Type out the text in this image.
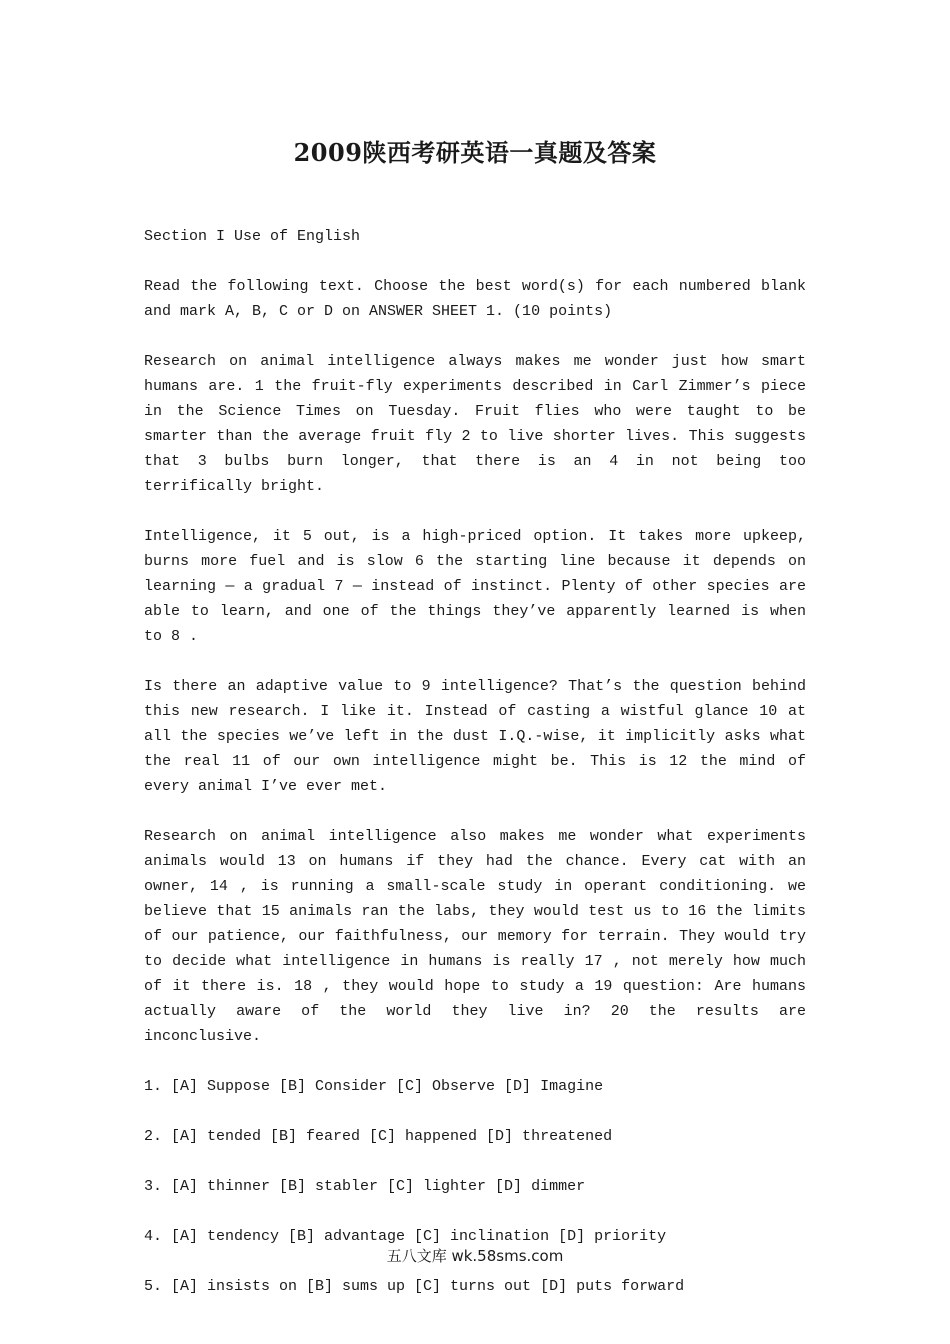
2009陕西考研英语一真题及答案

Section I Use of English

Read the following text. Choose the best word(s) for each numbered blank and mark A, B, C or D on ANSWER SHEET 1. (10 points)

Research on animal intelligence always makes me wonder just how smart humans are. 1 the fruit-fly experiments described in Carl Zimmer’s piece in the Science Times on Tuesday. Fruit flies who were taught to be smarter than the average fruit fly 2 to live shorter lives. This suggests that 3 bulbs burn longer, that there is an 4 in not being too terrifically bright.

Intelligence, it 5 out, is a high-priced option. It takes more upkeep, burns more fuel and is slow 6 the starting line because it depends on learning — a gradual 7 — instead of instinct. Plenty of other species are able to learn, and one of the things they’ve apparently learned is when to 8 .

Is there an adaptive value to 9 intelligence? That’s the question behind this new research. I like it. Instead of casting a wistful glance 10 at all the species we’ve left in the dust I.Q.-wise, it implicitly asks what the real 11 of our own intelligence might be. This is 12 the mind of every animal I’ve ever met.

Research on animal intelligence also makes me wonder what experiments animals would 13 on humans if they had the chance. Every cat with an owner, 14 , is running a small-scale study in operant conditioning. we believe that 15 animals ran the labs, they would test us to 16 the limits of our patience, our faithfulness, our memory for terrain. They would try to decide what intelligence in humans is really 17 , not merely how much of it there is. 18 , they would hope to study a 19 question: Are humans actually aware of the world they live in? 20 the results are inconclusive.

1. [A] Suppose [B] Consider [C] Observe [D] Imagine

2. [A] tended [B] feared [C] happened [D] threatened

3. [A] thinner [B] stabler [C] lighter [D] dimmer

4. [A] tendency [B] advantage [C] inclination [D] priority

5. [A] insists on [B] sums up [C] turns out [D] puts forward

五八文库 wk.58sms.com
